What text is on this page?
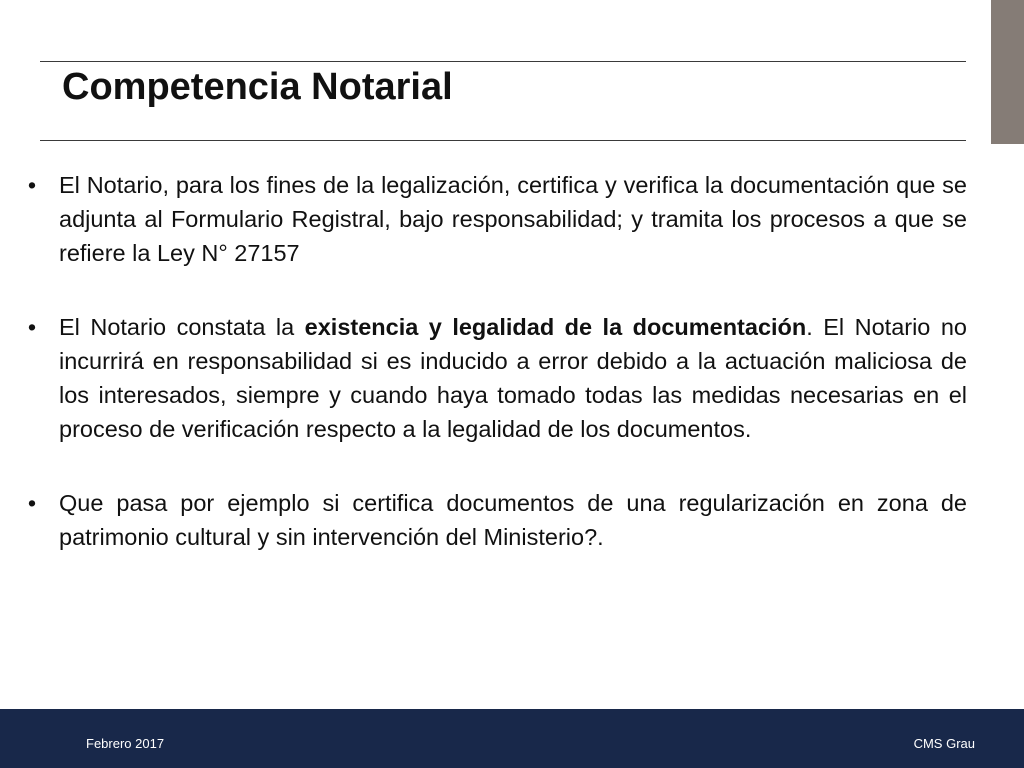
Competencia Notarial
• El Notario, para los fines de la legalización, certifica y verifica la documentación que se adjunta al Formulario Registral, bajo responsabilidad; y tramita los procesos a que se refiere la Ley N° 27157
• El Notario constata la existencia y legalidad de la documentación. El Notario no incurrirá en responsabilidad si es inducido a error debido a la actuación maliciosa de los interesados, siempre y cuando haya tomado todas las medidas necesarias en el proceso de verificación respecto a la legalidad de los documentos.
• Que pasa por ejemplo si certifica documentos de una regularización en zona de patrimonio cultural y sin intervención del Ministerio?.
Febrero 2017	CMS Grau
